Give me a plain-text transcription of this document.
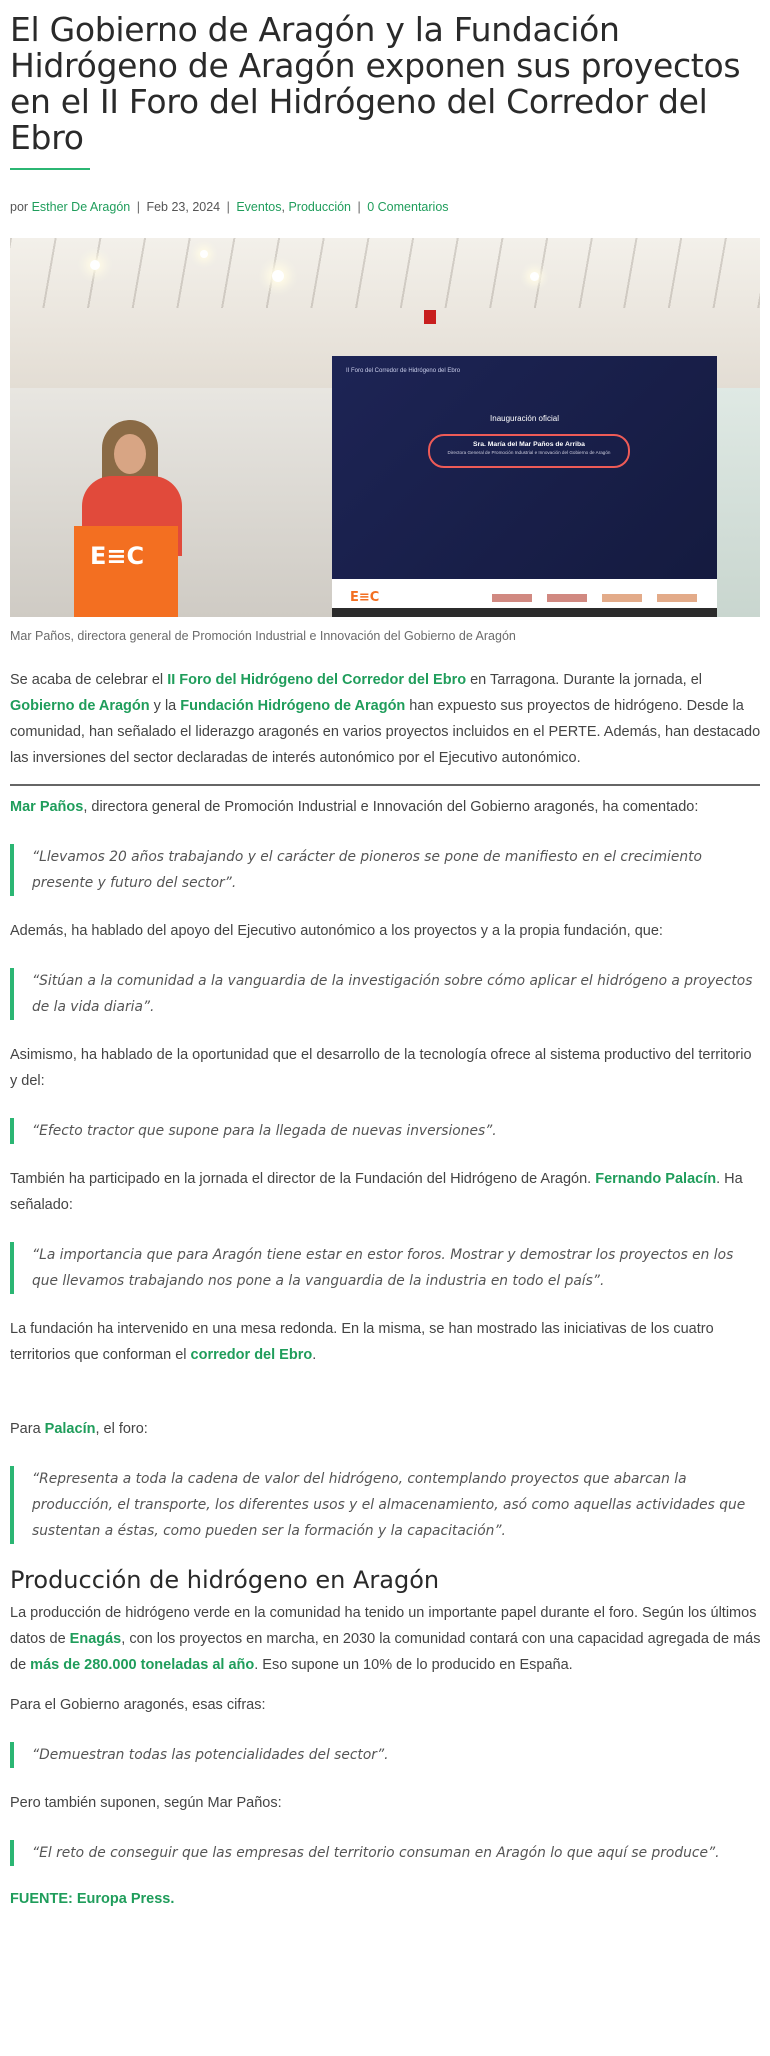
El Gobierno de Aragón y la Fundación Hidrógeno de Aragón exponen sus proyectos en el II Foro del Hidrógeno del Corredor del Ebro
por Esther De Aragón | Feb 23, 2024 | Eventos, Producción | 0 Comentarios
E≡C
II Foro del Corredor de Hidrógeno del Ebro
Inauguración oficial
Sra. María del Mar Paños de Arriba
Directora General de Promoción Industrial e Innovación del Gobierno de Aragón
E≡C
Mar Paños, directora general de Promoción Industrial e Innovación del Gobierno de Aragón

Se acaba de celebrar el II Foro del Hidrógeno del Corredor del Ebro en Tarragona. Durante la jornada, el Gobierno de Aragón y la Fundación Hidrógeno de Aragón han expuesto sus proyectos de hidrógeno. Desde la comunidad, han señalado el liderazgo aragonés en varios proyectos incluidos en el PERTE. Además, han destacado las inversiones del sector declaradas de interés autonómico por el Ejecutivo autonómico.

Mar Paños, directora general de Promoción Industrial e Innovación del Gobierno aragonés, ha comentado:

“Llevamos 20 años trabajando y el carácter de pioneros se pone de manifiesto en el crecimiento presente y futuro del sector”.

Además, ha hablado del apoyo del Ejecutivo autonómico a los proyectos y a la propia fundación, que:

“Sitúan a la comunidad a la vanguardia de la investigación sobre cómo aplicar el hidrógeno a proyectos de la vida diaria”.

Asimismo, ha hablado de la oportunidad que el desarrollo de la tecnología ofrece al sistema productivo del territorio y del:

“Efecto tractor que supone para la llegada de nuevas inversiones”.

También ha participado en la jornada el director de la Fundación del Hidrógeno de Aragón. Fernando Palacín. Ha señalado:

“La importancia que para Aragón tiene estar en estor foros. Mostrar y demostrar los proyectos en los que llevamos trabajando nos pone a la vanguardia de la industria en todo el país”.

La fundación ha intervenido en una mesa redonda. En la misma, se han mostrado las iniciativas de los cuatro territorios que conforman el corredor del Ebro.

Para Palacín, el foro:

“Representa a toda la cadena de valor del hidrógeno, contemplando proyectos que abarcan la producción, el transporte, los diferentes usos y el almacenamiento, asó como aquellas actividades que sustentan a éstas, como pueden ser la formación y la capacitación”.
Producción de hidrógeno en Aragón

La producción de hidrógeno verde en la comunidad ha tenido un importante papel durante el foro. Según los últimos datos de Enagás, con los proyectos en marcha, en 2030 la comunidad contará con una capacidad agregada de más de más de 280.000 toneladas al año. Eso supone un 10% de lo producido en España.

Para el Gobierno aragonés, esas cifras:

“Demuestran todas las potencialidades del sector”.

Pero también suponen, según Mar Paños:

“El reto de conseguir que las empresas del territorio consuman en Aragón lo que aquí se produce”.

FUENTE: Europa Press.
